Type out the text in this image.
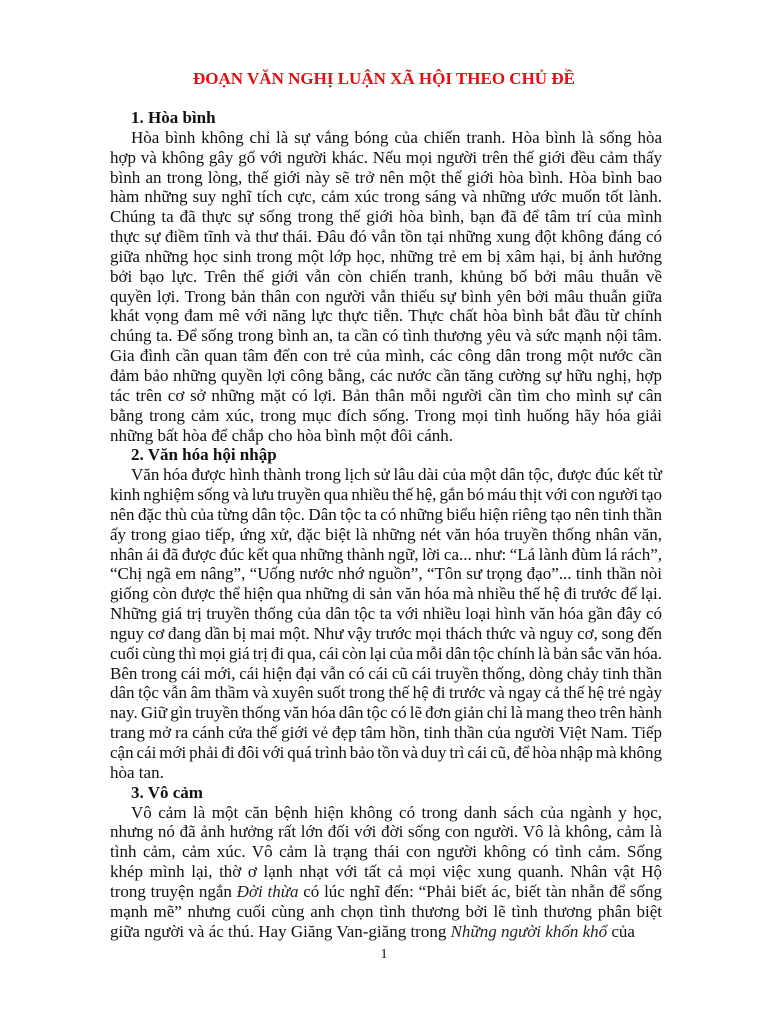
ĐOẠN VĂN NGHỊ LUẬN XÃ HỘI THEO CHỦ ĐỀ
1. Hòa bình
Hòa bình không chỉ là sự vắng bóng của chiến tranh. Hòa bình là sống hòa
hợp và không gây gổ với người khác. Nếu mọi người trên thế giới đều cảm thấy
bình an trong lòng, thế giới này sẽ trở nên một thế giới hòa bình. Hòa bình bao
hàm những suy nghĩ tích cực, cảm xúc trong sáng và những ước muốn tốt lành.
Chúng ta đã thực sự sống trong thế giới hòa bình, bạn đã để tâm trí của mình
thực sự điềm tĩnh và thư thái. Đâu đó vẫn tồn tại những xung đột không đáng có
giữa những học sinh trong một lớp học, những trẻ em bị xâm hại, bị ảnh hưởng
bởi bạo lực. Trên thế giới vẫn còn chiến tranh, khủng bố bởi mâu thuẫn về
quyền lợi. Trong bản thân con người vẫn thiếu sự bình yên bởi mâu thuẫn giữa
khát vọng đam mê với năng lực thực tiễn. Thực chất hòa bình bắt đầu từ chính
chúng ta. Để sống trong bình an, ta cần có tình thương yêu và sức mạnh nội tâm.
Gia đình cần quan tâm đến con trẻ của mình, các công dân trong một nước cần
đảm bảo những quyền lợi công bằng, các nước cần tăng cường sự hữu nghị, hợp
tác trên cơ sở những mặt có lợi. Bản thân mỗi người cần tìm cho mình sự cân
bằng trong cảm xúc, trong mục đích sống. Trong mọi tình huống hãy hóa giải
những bất hòa để chắp cho hòa bình một đôi cánh.
2. Văn hóa hội nhập
Văn hóa được hình thành trong lịch sử lâu dài của một dân tộc, được đúc kết từ
kinh nghiệm sống và lưu truyền qua nhiều thế hệ, gắn bó máu thịt với con người tạo
nên đặc thù của từng dân tộc. Dân tộc ta có những biểu hiện riêng tạo nên tinh thần
ấy trong giao tiếp, ứng xử, đặc biệt là những nét văn hóa truyền thống nhân văn,
nhân ái đã được đúc kết qua những thành ngữ, lời ca... như: “Lá lành đùm lá rách”,
“Chị ngã em nâng”, “Uống nước nhớ nguồn”, “Tôn sư trọng đạo”... tinh thần nòi
giống còn được thể hiện qua những di sản văn hóa mà nhiều thế hệ đi trước để lại.
Những giá trị truyền thống của dân tộc ta với nhiều loại hình văn hóa gần đây có
nguy cơ đang dần bị mai một. Như vậy trước mọi thách thức và nguy cơ, song đến
cuối cùng thì mọi giá trị đi qua, cái còn lại của mỗi dân tộc chính là bản sắc văn hóa.
Bên trong cái mới, cái hiện đại vẫn có cái cũ cái truyền thống, dòng chảy tinh thần
dân tộc vẫn âm thầm và xuyên suốt trong thế hệ đi trước và ngay cả thế hệ trẻ ngày
nay. Giữ gìn truyền thống văn hóa dân tộc có lẽ đơn giản chỉ là mang theo trên hành
trang mở ra cánh cửa thế giới vẻ đẹp tâm hồn, tinh thần của người Việt Nam. Tiếp
cận cái mới phải đi đôi với quá trình bảo tồn và duy trì cái cũ, để hòa nhập mà không
hòa tan.
3. Vô cảm
Vô cảm là một căn bệnh hiện không có trong danh sách của ngành y học,
nhưng nó đã ảnh hưởng rất lớn đối với đời sống con người. Vô là không, cảm là
tình cảm, cảm xúc. Vô cảm là trạng thái con người không có tình cảm. Sống
khép mình lại, thờ ơ lạnh nhạt với tất cả mọi việc xung quanh. Nhân vật Hộ
trong truyện ngắn Đời thừa có lúc nghĩ đến: “Phải biết ác, biết tàn nhẫn để sống
mạnh mẽ” nhưng cuối cùng anh chọn tình thương bởi lẽ tình thương phân biệt
giữa người và ác thú. Hay Giăng Van-giăng trong Những người khốn khổ của
1
